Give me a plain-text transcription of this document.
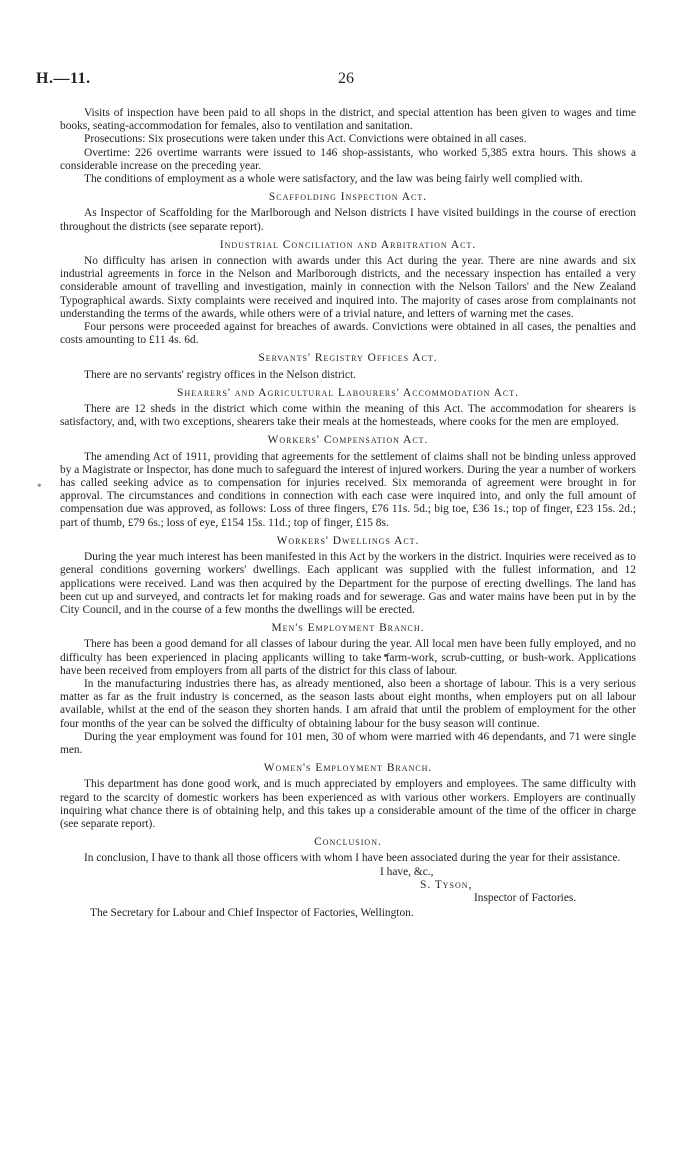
H.—11.	26
*

Visits of inspection have been paid to all shops in the district, and special attention has been given to wages and time books, seating-accommodation for females, also to ventilation and sanitation.

Prosecutions: Six prosecutions were taken under this Act. Convictions were obtained in all cases.

Overtime: 226 overtime warrants were issued to 146 shop-assistants, who worked 5,385 extra hours. This shows a considerable increase on the preceding year.

The conditions of employment as a whole were satisfactory, and the law was being fairly well complied with.

Scaffolding Inspection Act.

As Inspector of Scaffolding for the Marlborough and Nelson districts I have visited buildings in the course of erection throughout the districts (see separate report).

Industrial Conciliation and Arbitration Act.

No difficulty has arisen in connection with awards under this Act during the year. There are nine awards and six industrial agreements in force in the Nelson and Marlborough districts, and the necessary inspection has entailed a very considerable amount of travelling and investigation, mainly in connection with the Nelson Tailors' and the New Zealand Typographical awards. Sixty complaints were received and inquired into. The majority of cases arose from complainants not understanding the terms of the awards, while others were of a trivial nature, and letters of warning met the cases.

Four persons were proceeded against for breaches of awards. Convictions were obtained in all cases, the penalties and costs amounting to £11 4s. 6d.

Servants' Registry Offices Act.

There are no servants' registry offices in the Nelson district.

Shearers' and Agricultural Labourers' Accommodation Act.

There are 12 sheds in the district which come within the meaning of this Act. The accommodation for shearers is satisfactory, and, with two exceptions, shearers take their meals at the homesteads, where cooks for the men are employed.

Workers' Compensation Act.

The amending Act of 1911, providing that agreements for the settlement of claims shall not be binding unless approved by a Magistrate or Inspector, has done much to safeguard the interest of injured workers. During the year a number of workers has called seeking advice as to compensation for injuries received. Six memoranda of agreement were brought in for approval. The circumstances and conditions in connection with each case were inquired into, and only the full amount of compensation due was approved, as follows: Loss of three fingers, £76 11s. 5d.; big toe, £36 1s.; top of finger, £23 15s. 2d.; part of thumb, £79 6s.; loss of eye, £154 15s. 11d.; top of finger, £15 8s.

Workers' Dwellings Act.

During the year much interest has been manifested in this Act by the workers in the district. Inquiries were received as to general conditions governing workers' dwellings. Each applicant was supplied with the fullest information, and 12 applications were received. Land was then acquired by the Department for the purpose of erecting dwellings. The land has been cut up and surveyed, and contracts let for making roads and for sewerage. Gas and water mains have been put in by the City Council, and in the course of a few months the dwellings will be erected.

Men's Employment Branch.

There has been a good demand for all classes of labour during the year. All local men have been fully employed, and no difficulty has been experienced in placing applicants willing to take farm-work, scrub-cutting, or bush-work. Applications have been received from employers from all parts of the district for this class of labour.

In the manufacturing industries there has, as already mentioned, also been a shortage of labour. This is a very serious matter as far as the fruit industry is concerned, as the season lasts about eight months, when employers put on all labour available, whilst at the end of the season they shorten hands. I am afraid that until the problem of employment for the other four months of the year can be solved the difficulty of obtaining labour for the busy season will continue.

During the year employment was found for 101 men, 30 of whom were married with 46 dependants, and 71 were single men.

Women's Employment Branch.

This department has done good work, and is much appreciated by employers and employees. The same difficulty with regard to the scarcity of domestic workers has been experienced as with various other workers. Employers are continually inquiring what chance there is of obtaining help, and this takes up a considerable amount of the time of the officer in charge (see separate report).

Conclusion.

In conclusion, I have to thank all those officers with whom I have been associated during the year for their assistance.

I have, &c.,

S. Tyson,

Inspector of Factories.

The Secretary for Labour and Chief Inspector of Factories, Wellington.
